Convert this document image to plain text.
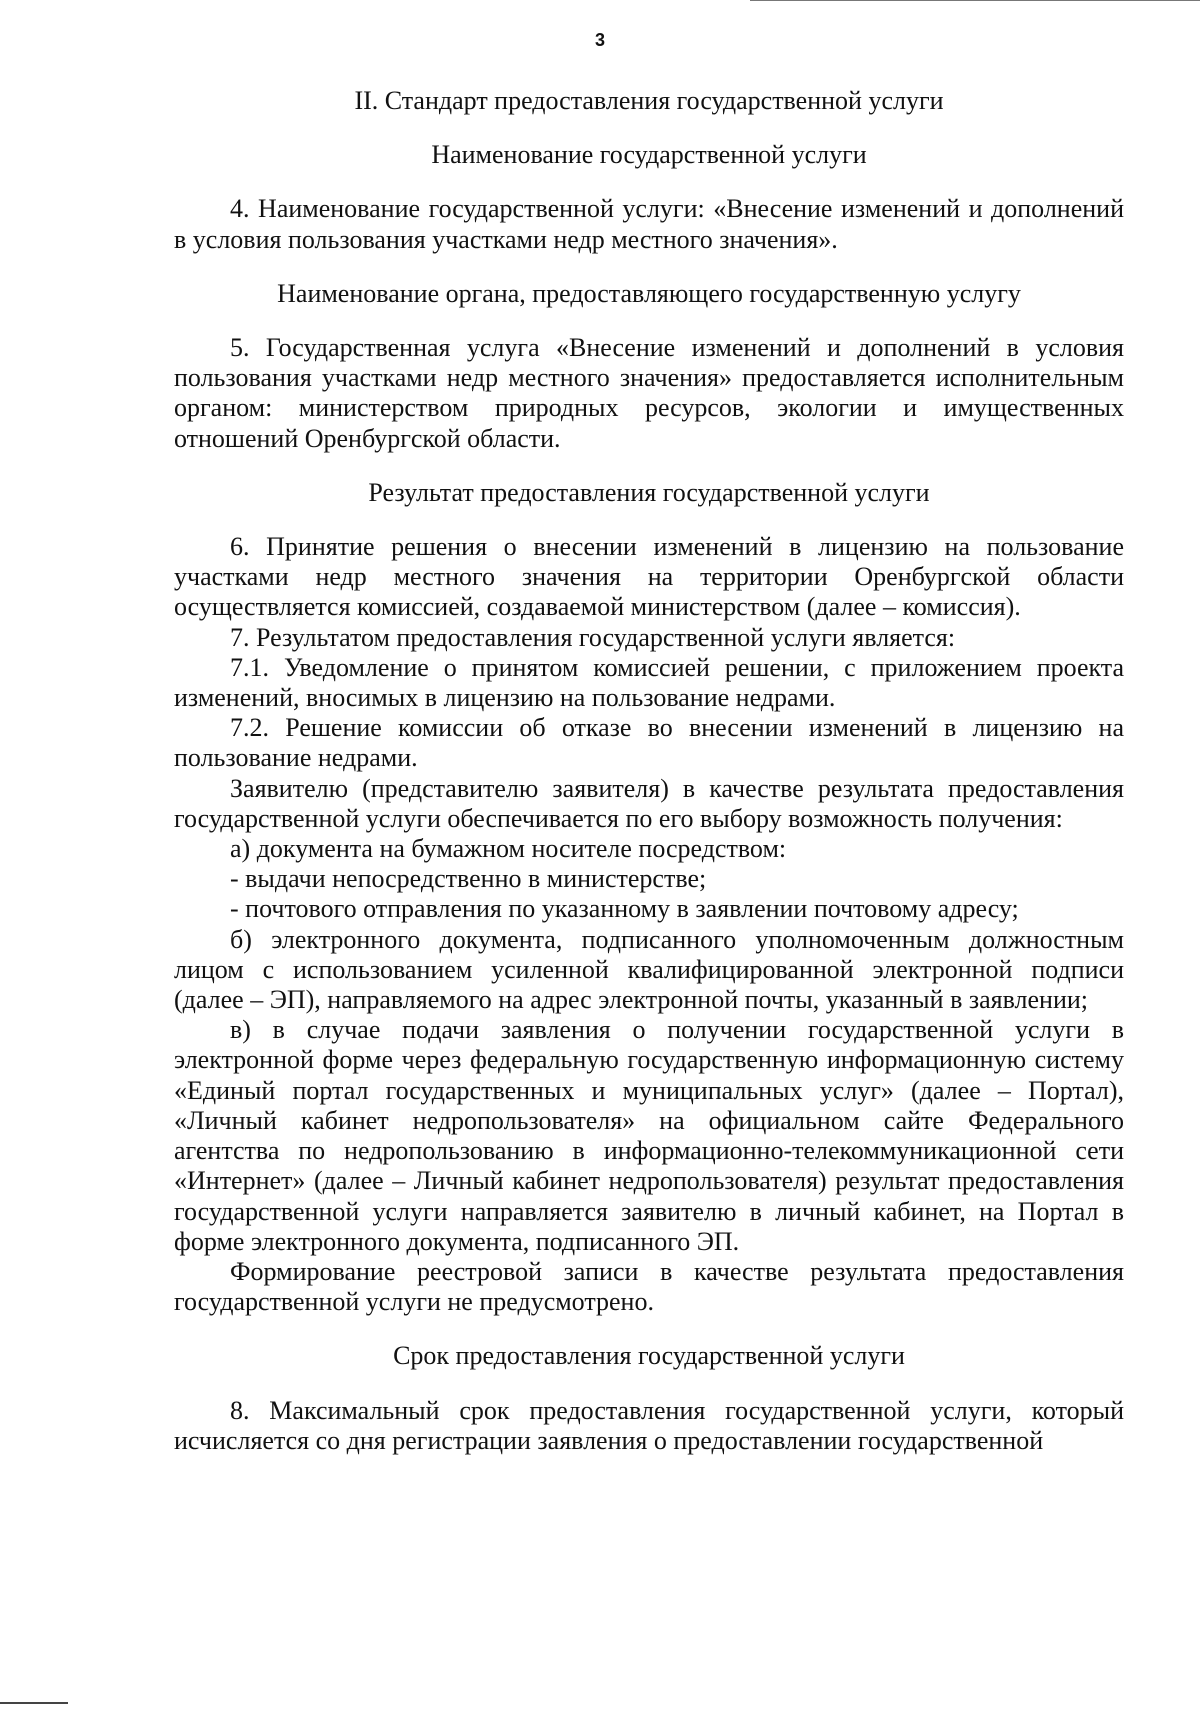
3

II. Стандарт предоставления государственной услуги

Наименование государственной услуги

4. Наименование государственной услуги: «Внесение изменений и дополнений в условия пользования участками недр местного значения».

Наименование органа, предоставляющего государственную услугу

5. Государственная услуга «Внесение изменений и дополнений в условия пользования участками недр местного значения» предоставляется исполнительным органом: министерством природных ресурсов, экологии и имущественных отношений Оренбургской области.

Результат предоставления государственной услуги

6. Принятие решения о внесении изменений в лицензию на пользование участками недр местного значения на территории Оренбургской области осуществляется комиссией, создаваемой министерством (далее – комиссия).

7. Результатом предоставления государственной услуги является:

7.1. Уведомление о принятом комиссией решении, с приложением проекта изменений, вносимых в лицензию на пользование недрами.

7.2. Решение комиссии об отказе во внесении изменений в лицензию на пользование недрами.

Заявителю (представителю заявителя) в качестве результата предоставления государственной услуги обеспечивается по его выбору возможность получения:

а) документа на бумажном носителе посредством:

- выдачи непосредственно в министерстве;

- почтового отправления по указанному в заявлении почтовому адресу;

б) электронного документа, подписанного уполномоченным должностным лицом с использованием усиленной квалифицированной электронной подписи (далее – ЭП), направляемого на адрес электронной почты, указанный в заявлении;

в) в случае подачи заявления о получении государственной услуги в электронной форме через федеральную государственную информационную систему «Единый портал государственных и муниципальных услуг» (далее – Портал), «Личный кабинет недропользователя» на официальном сайте Федерального агентства по недропользованию в информационно-телекоммуникационной сети «Интернет» (далее – Личный кабинет недропользователя) результат предоставления государственной услуги направляется заявителю в личный кабинет, на Портал в форме электронного документа, подписанного ЭП.

Формирование реестровой записи в качестве результата предоставления государственной услуги не предусмотрено.

Срок предоставления государственной услуги

8. Максимальный срок предоставления государственной услуги, который исчисляется со дня регистрации заявления о предоставлении государственной
